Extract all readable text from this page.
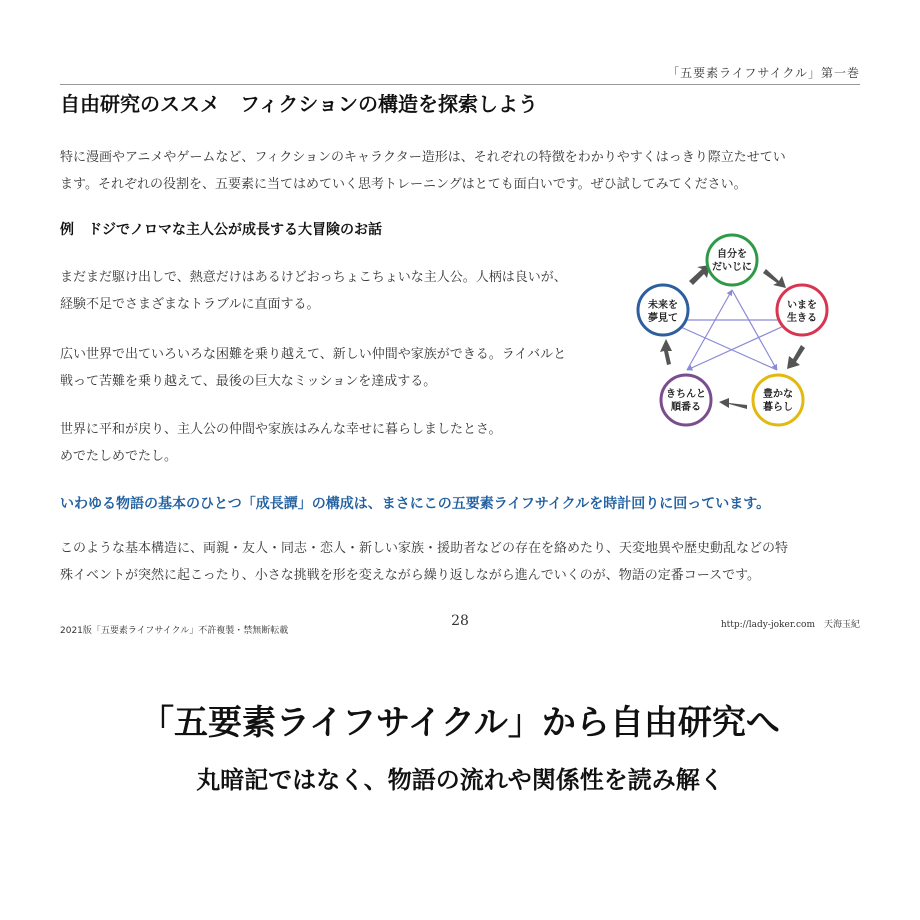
「五要素ライフサイクル」第一巻
自由研究のススメ　フィクションの構造を探索しよう

特に漫画やアニメやゲームなど、フィクションのキャラクター造形は、それぞれの特徴をわかりやすくはっきり際立たせてい
ます。それぞれの役割を、五要素に当てはめていく思考トレーニングはとても面白いです。ぜひ試してみてください。

例　ドジでノロマな主人公が成長する大冒険のお話

まだまだ駆け出しで、熱意だけはあるけどおっちょこちょいな主人公。人柄は良いが、
経験不足でさまざまなトラブルに直面する。

広い世界で出ていろいろな困難を乗り越えて、新しい仲間や家族ができる。ライバルと
戦って苦難を乗り越えて、最後の巨大なミッションを達成する。

世界に平和が戻り、主人公の仲間や家族はみんな幸せに暮らしましたとさ。
めでたしめでたし。

自分を
だいじに
いまを
生きる
豊かな
暮らし
きちんと
順番る
未来を
夢見て

いわゆる物語の基本のひとつ「成長譚」の構成は、まさにこの五要素ライフサイクルを時計回りに回っています。

このような基本構造に、両親・友人・同志・恋人・新しい家族・援助者などの存在を絡めたり、天変地異や歴史動乱などの特
殊イベントが突然に起こったり、小さな挑戦を形を変えながら繰り返しながら進んでいくのが、物語の定番コースです。

2021版「五要素ライフサイクル」不許複製・禁無断転載
28	http://lady-joker.com　天海玉紀
「五要素ライフサイクル」から自由研究へ
丸暗記ではなく、物語の流れや関係性を読み解く
